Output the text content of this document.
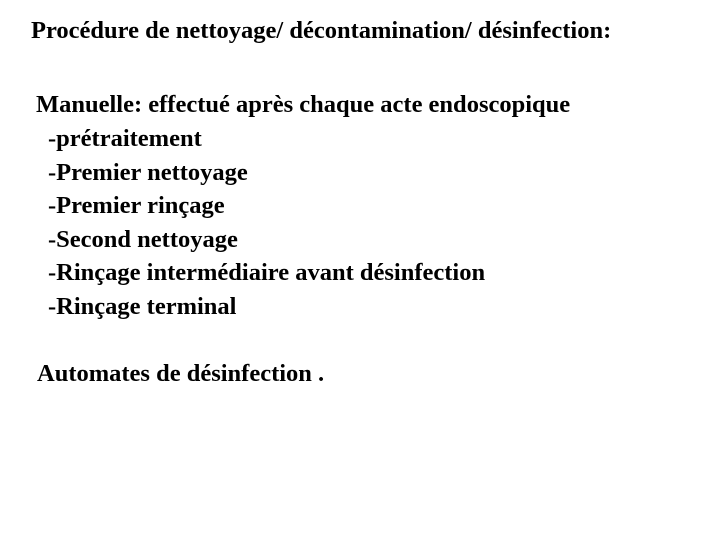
Procédure de nettoyage/ décontamination/ désinfection:
Manuelle: effectué après chaque acte endoscopique
-prétraitement
-Premier nettoyage
-Premier rinçage
-Second nettoyage
-Rinçage intermédiaire avant désinfection
-Rinçage terminal
Automates de désinfection .
